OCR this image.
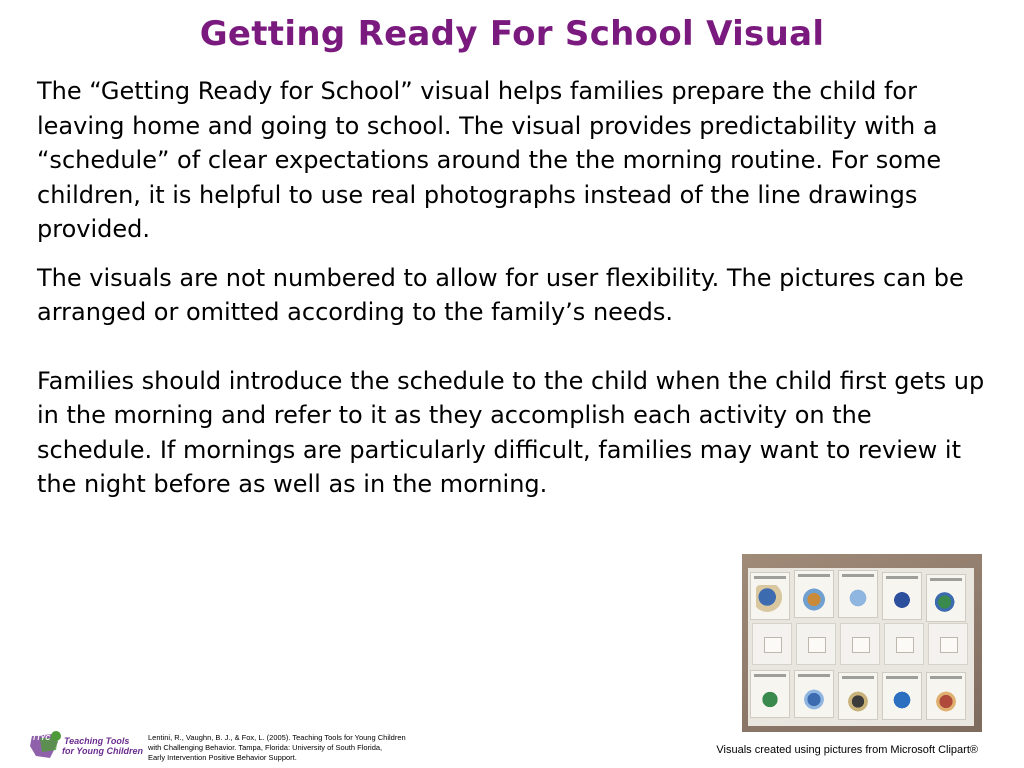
Getting Ready For School Visual

The “Getting Ready for School” visual helps families prepare the child for leaving home and going to school. The visual provides predictability with a “schedule” of clear expectations around the the morning routine. For some children, it is helpful to use real photographs instead of the line drawings provided.

The visuals are not numbered to allow for user flexibility. The pictures can be arranged or omitted according to the family’s needs.

Families should introduce the schedule to the child when the child first gets up in the morning and refer to it as they accomplish each activity on the schedule. If mornings are particularly difficult, families may want to review it the night before as well as in the morning.

TTYC Teaching Tools
for Young Children
Lentini, R., Vaughn, B. J., & Fox, L. (2005). Teaching Tools for Young Children
with Challenging Behavior. Tampa, Florida: University of South Florida,
Early Intervention Positive Behavior Support.
Visuals created using pictures from Microsoft Clipart®
